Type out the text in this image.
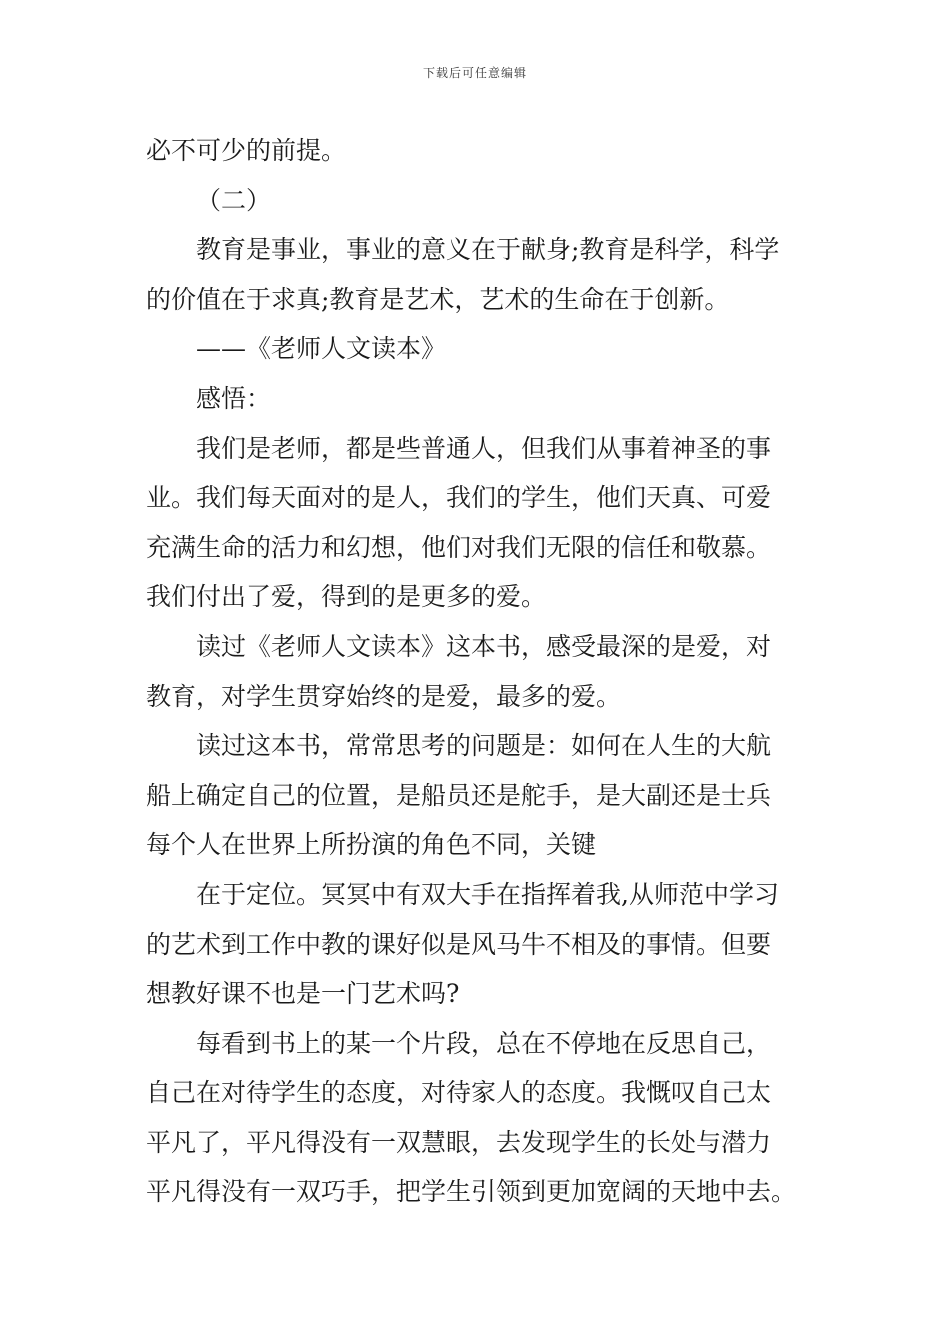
下载后可任意编辑
必不可少的前提。
（二）
教育是事业，事业的意义在于献身;教育是科学，科学
的价值在于求真;教育是艺术，艺术的生命在于创新。
——《老师人文读本》
感悟：
我们是老师，都是些普通人，但我们从事着神圣的事
业。我们每天面对的是人，我们的学生，他们天真、可爱
充满生命的活力和幻想，他们对我们无限的信任和敬慕。
我们付出了爱，得到的是更多的爱。
读过《老师人文读本》这本书，感受最深的是爱，对
教育，对学生贯穿始终的是爱，最多的爱。
读过这本书，常常思考的问题是：如何在人生的大航
船上确定自己的位置，是船员还是舵手，是大副还是士兵
每个人在世界上所扮演的角色不同，关键
在于定位。冥冥中有双大手在指挥着我,从师范中学习
的艺术到工作中教的课好似是风马牛不相及的事情。但要
想教好课不也是一门艺术吗?
每看到书上的某一个片段，总在不停地在反思自己，
自己在对待学生的态度，对待家人的态度。我慨叹自己太
平凡了，平凡得没有一双慧眼，去发现学生的长处与潜力
平凡得没有一双巧手，把学生引领到更加宽阔的天地中去。
